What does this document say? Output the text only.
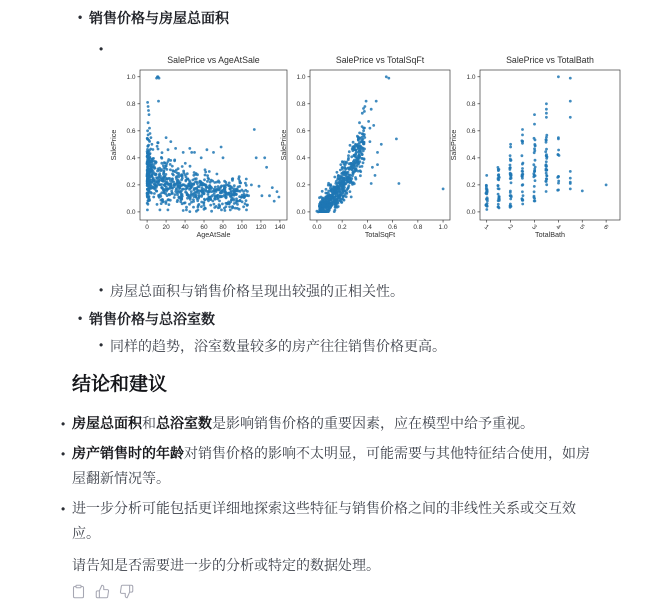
• 销售价格与房屋总面积
•
0 20 40 60 80 100 120 140
0.0
0.2
0.4
0.6
0.8
1.0
SalePrice vs AgeAtSale
AgeAtSale
SalePrice
0.0 0.2 0.4 0.6 0.8 1.0
0.0
0.2
0.4
0.6
0.8
1.0
SalePrice vs TotalSqFt
TotalSqFt
SalePrice
1	2	3	4	5	6
0.0
0.2
0.4
0.6
0.8
1.0
SalePrice vs TotalBath
TotalBath
SalePrice
• 房屋总面积与销售价格呈现出较强的正相关性。
• 销售价格与总浴室数
• 同样的趋势，浴室数量较多的房产往往销售价格更高。
结论和建议
• 房屋总面积和总浴室数是影响销售价格的重要因素，应在模型中给予重视。
• 房产销售时的年龄对销售价格的影响不太明显，可能需要与其他特征结合使用，如房屋翻新情况等。
• 进一步分析可能包括更详细地探索这些特征与销售价格之间的非线性关系或交互效应。

请告知是否需要进一步的分析或特定的数据处理。
